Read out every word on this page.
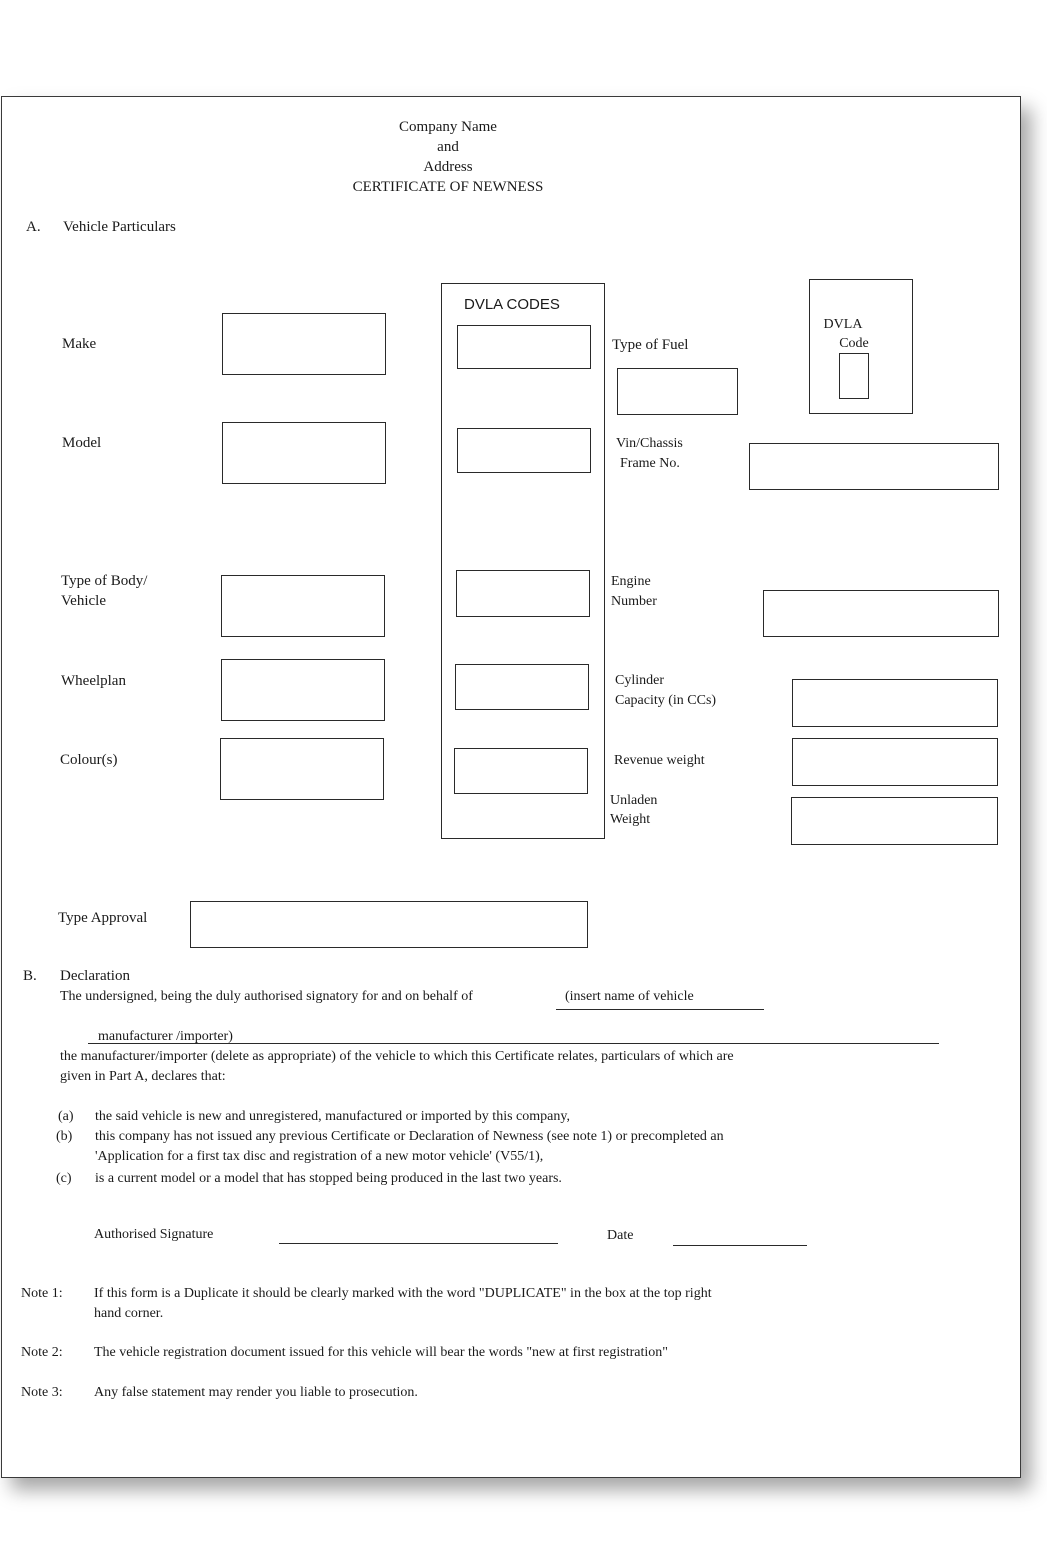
Company Name
and
Address
CERTIFICATE OF NEWNESS
A. Vehicle Particulars
DVLA CODES
DVLA
Code
Make
Model
Type of Body/
Vehicle
Wheelplan
Colour(s)
Type of Fuel
Vin/Chassis
Frame No.
Engine
Number
Cylinder
Capacity (in CCs)
Revenue weight
Unladen
Weight
Type Approval
B. Declaration
The undersigned, being the duly authorised signatory for and on behalf of	(insert name of vehicle
manufacturer /importer)
the manufacturer/importer (delete as appropriate) of the vehicle to which this Certificate relates, particulars of which are
given in Part A, declares that:
(a) the said vehicle is new and unregistered, manufactured or imported by this company,
(b) this company has not issued any previous Certificate or Declaration of Newness (see note 1) or precompleted an
'Application for a first tax disc and registration of a new motor vehicle' (V55/1),
(c) is a current model or a model that has stopped being produced in the last two years.
Authorised Signature	Date
Note 1: If this form is a Duplicate it should be clearly marked with the word "DUPLICATE" in the box at the top right
hand corner.
Note 2: The vehicle registration document issued for this vehicle will bear the words "new at first registration"
Note 3: Any false statement may render you liable to prosecution.
